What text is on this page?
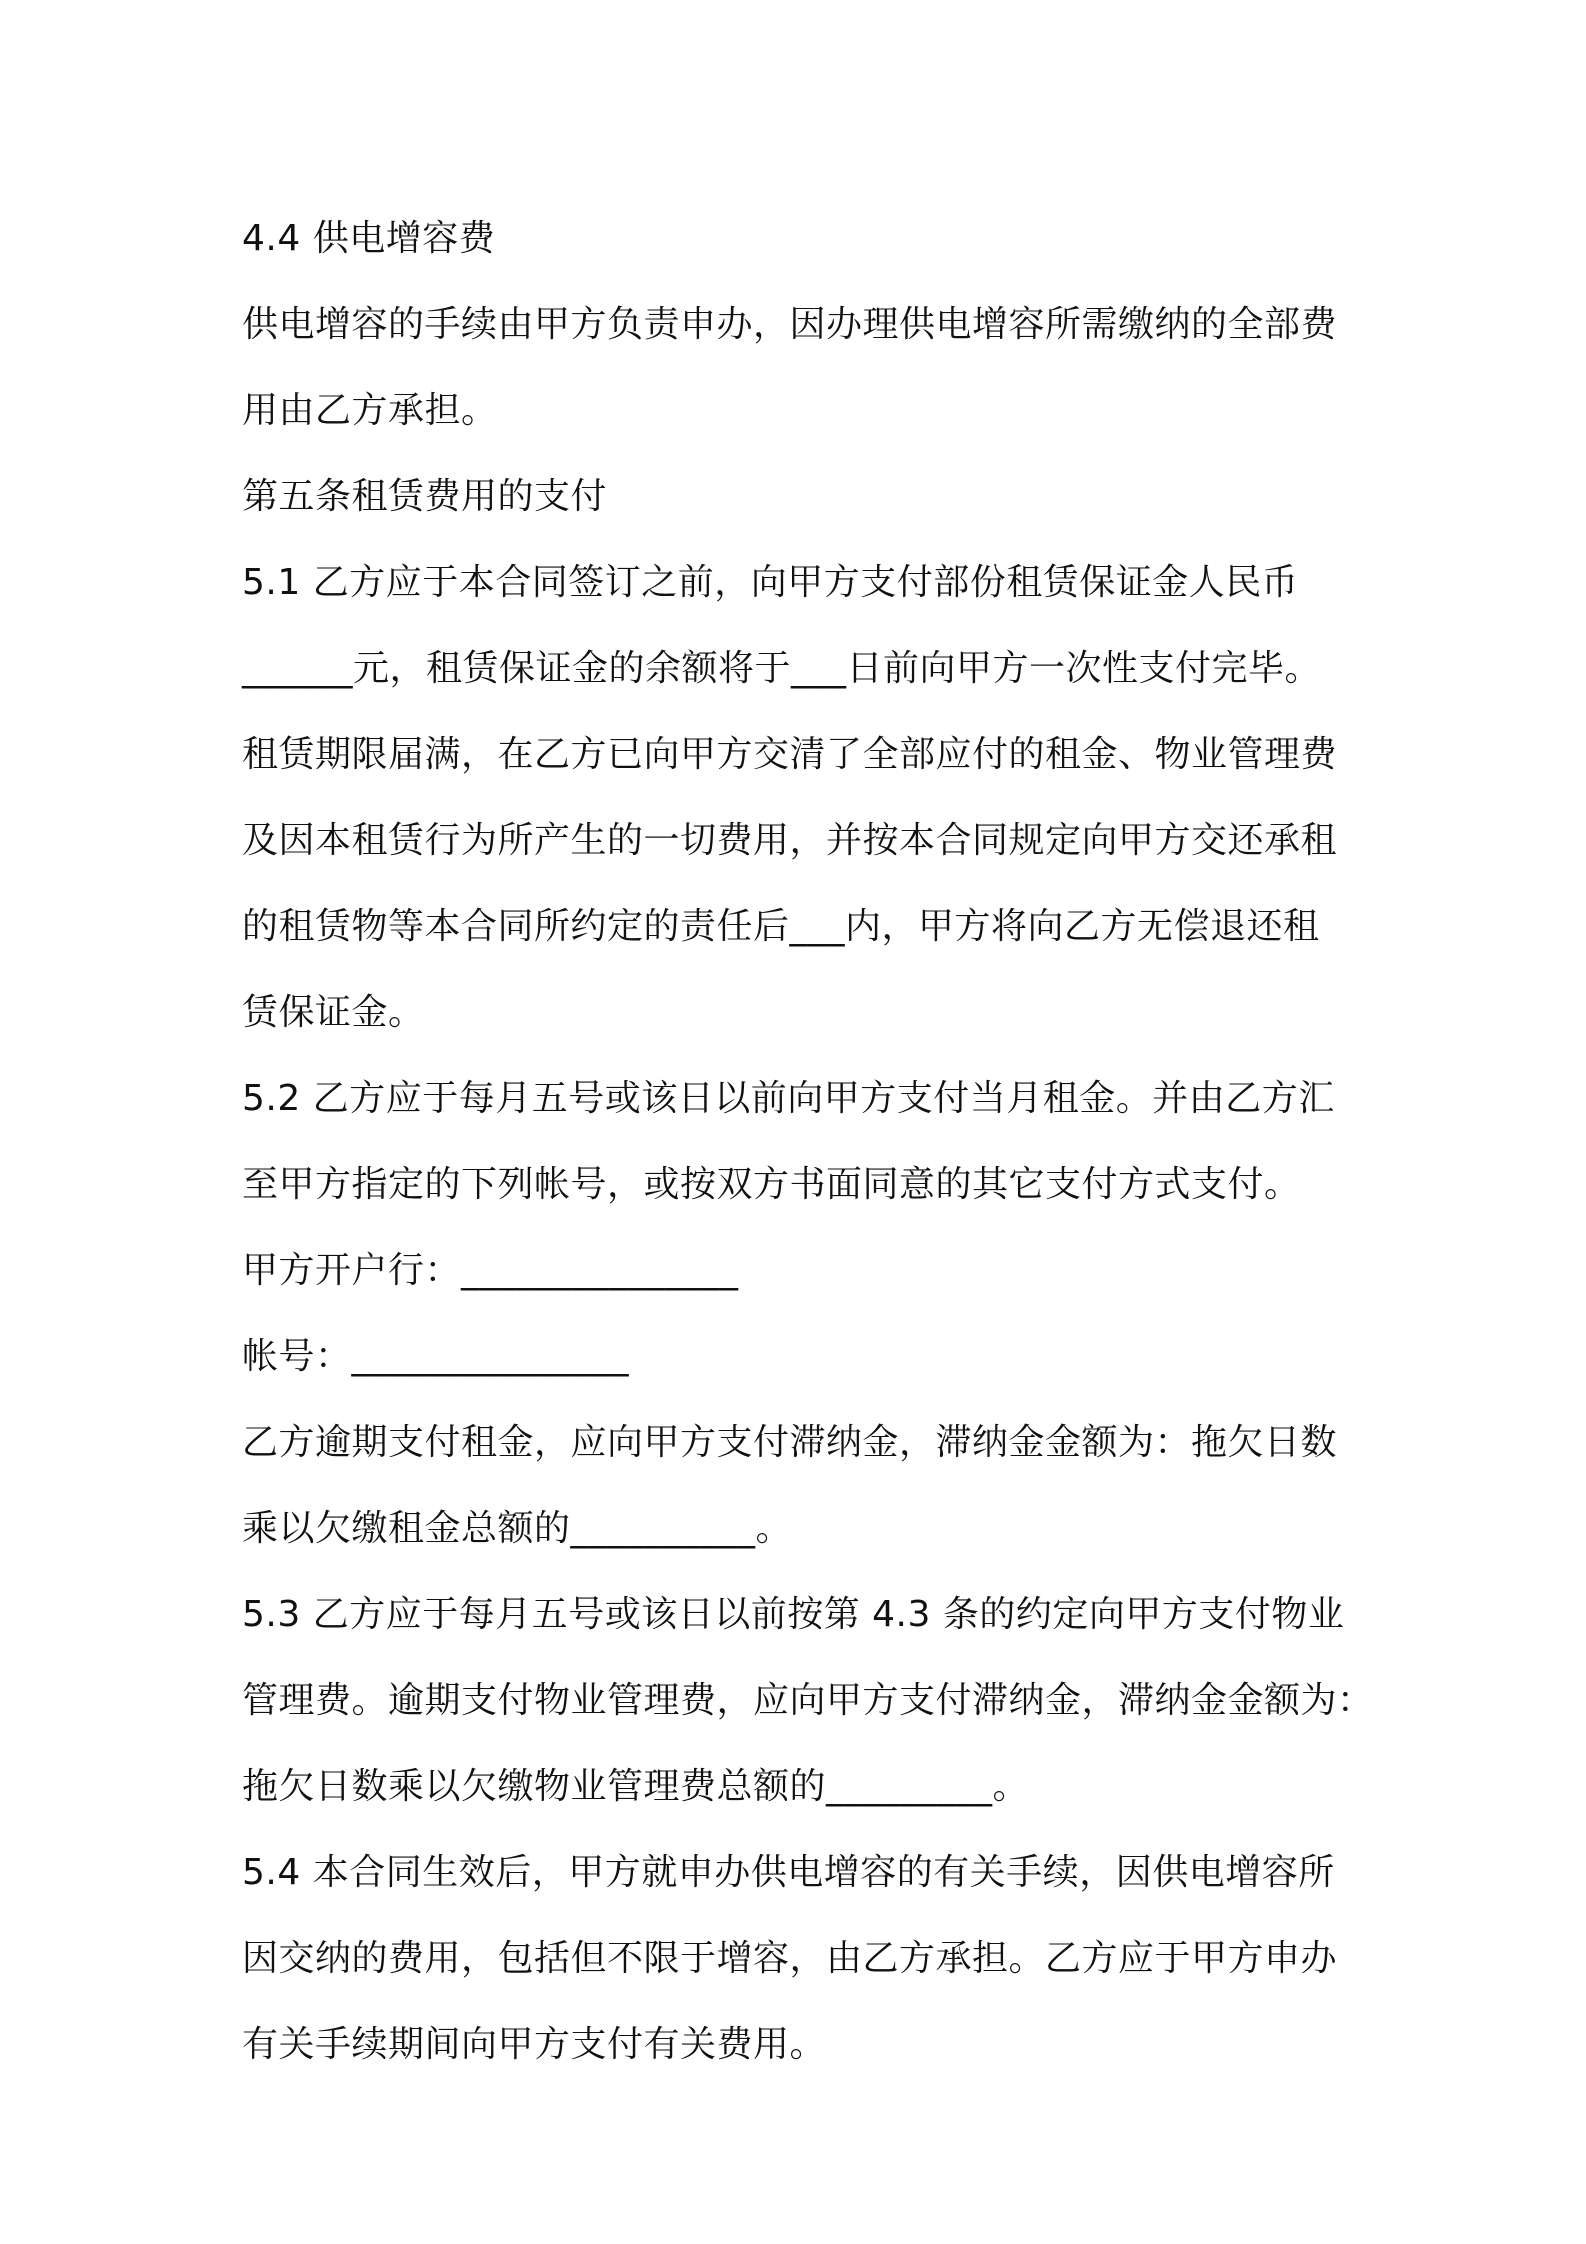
4.4 供电增容费
供电增容的手续由甲方负责申办，因办理供电增容所需缴纳的全部费
用由乙方承担。
第五条租赁费用的支付
5.1 乙方应于本合同签订之前，向甲方支付部份租赁保证金人民币
______元，租赁保证金的余额将于___日前向甲方一次性支付完毕。
租赁期限届满，在乙方已向甲方交清了全部应付的租金、物业管理费
及因本租赁行为所产生的一切费用，并按本合同规定向甲方交还承租
的租赁物等本合同所约定的责任后___内，甲方将向乙方无偿退还租
赁保证金。
5.2 乙方应于每月五号或该日以前向甲方支付当月租金。并由乙方汇
至甲方指定的下列帐号，或按双方书面同意的其它支付方式支付。
甲方开户行：_______________
帐号：_______________
乙方逾期支付租金，应向甲方支付滞纳金，滞纳金金额为：拖欠日数
乘以欠缴租金总额的__________。
5.3 乙方应于每月五号或该日以前按第 4.3 条的约定向甲方支付物业
管理费。逾期支付物业管理费，应向甲方支付滞纳金，滞纳金金额为：
拖欠日数乘以欠缴物业管理费总额的_________。
5.4 本合同生效后，甲方就申办供电增容的有关手续，因供电增容所
因交纳的费用，包括但不限于增容，由乙方承担。乙方应于甲方申办
有关手续期间向甲方支付有关费用。
